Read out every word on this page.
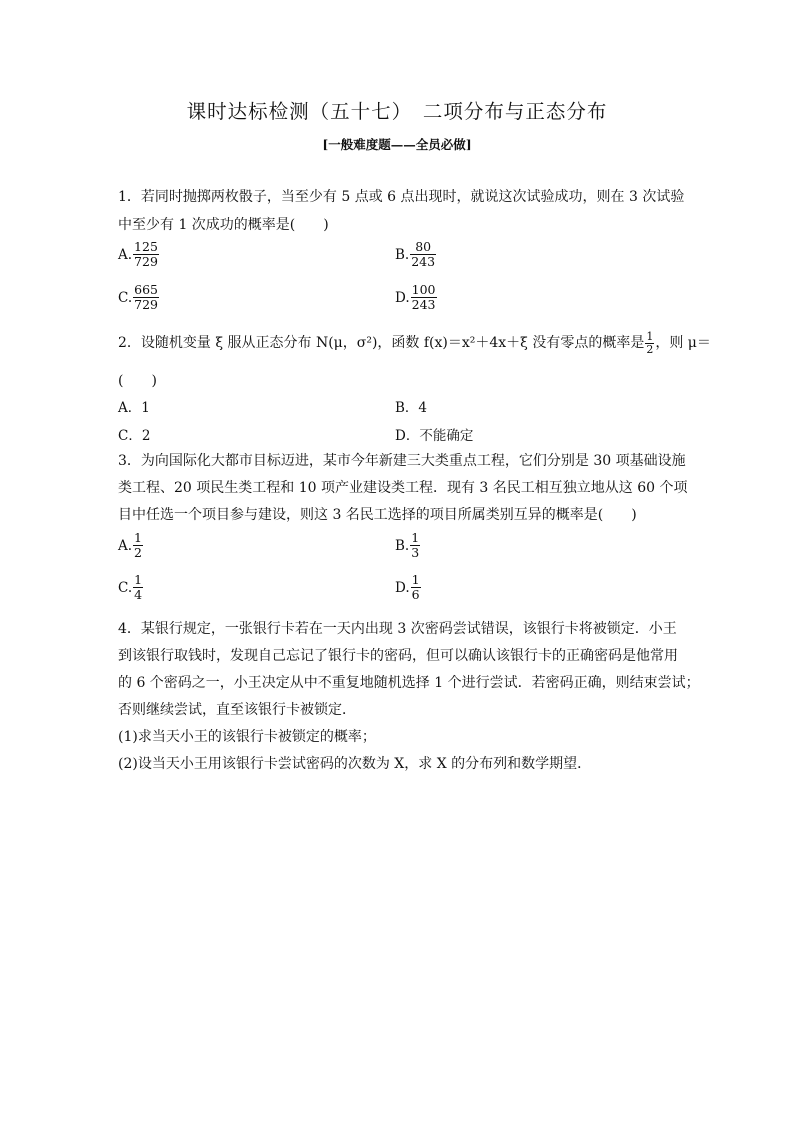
课时达标检测（五十七）　二项分布与正态分布
[一般难度题——全员必做]
1．若同时抛掷两枚骰子，当至少有 5 点或 6 点出现时，就说这次试验成功，则在 3 次试验
中至少有 1 次成功的概率是(　　)
A. $\frac{125}{729}$	B. $\frac{80}{243}$
C. $\frac{665}{729}$	D. $\frac{100}{243}$
2．设随机变量 ξ 服从正态分布 N(μ，σ²)，函数 f(x)＝x²＋4x＋ξ 没有零点的概率是 $\frac{1}{2}$ ，则 μ＝
(　　)
A．1	B．4
C．2	D．不能确定
3．为向国际化大都市目标迈进，某市今年新建三大类重点工程，它们分别是 30 项基础设施
类工程、20 项民生类工程和 10 项产业建设类工程．现有 3 名民工相互独立地从这 60 个项
目中任选一个项目参与建设，则这 3 名民工选择的项目所属类别互异的概率是(　　)
A. $\frac{1}{2}$	B. $\frac{1}{3}$
C. $\frac{1}{4}$	D. $\frac{1}{6}$
4．某银行规定，一张银行卡若在一天内出现 3 次密码尝试错误，该银行卡将被锁定．小王
到该银行取钱时，发现自己忘记了银行卡的密码，但可以确认该银行卡的正确密码是他常用
的 6 个密码之一，小王决定从中不重复地随机选择 1 个进行尝试．若密码正确，则结束尝试；
否则继续尝试，直至该银行卡被锁定．
(1)求当天小王的该银行卡被锁定的概率；
(2)设当天小王用该银行卡尝试密码的次数为 X，求 X 的分布列和数学期望．
